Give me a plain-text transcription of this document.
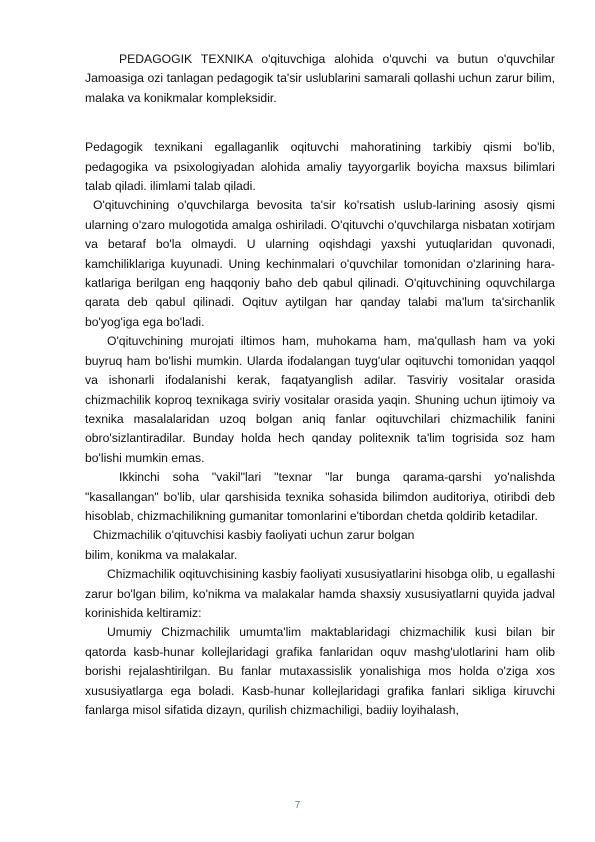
PEDAGOGIK TEXNIKA o'qituvchiga alohida o'quvchi va butun o'quvchilar Jamoasiga ozi tanlagan pedagogik ta'sir uslublarini samarali qollashi uchun zarur bilim, malaka va konikmalar kompleksidir.

Pedagogik texnikani egallaganlik oqituvchi mahoratining tarkibiy qismi bo'lib, pedagogika va psixologiyadan alohida amaliy tayyorgarlik boyicha maxsus bilimlari talab qiladi. ilimlami talab qiladi.

O'qituvchining o'quvchilarga bevosita ta'sir ko'rsatish uslub-larining asosiy qismi ularning o'zaro mulogotida amalga oshiriladi. O'qituvchi o'quvchilarga nisbatan xotirjam va betaraf bo'la olmaydi. U ularning oqishdagi yaxshi yutuqlaridan quvonadi, kamchiliklariga kuyunadi. Uning kechinmalari o'quvchilar tomonidan o'zlarining hara-katlariga berilgan eng haqqoniy baho deb qabul qilinadi. O'qituvchining oquvchilarga qarata deb qabul qilinadi. Oqituv aytilgan har qanday talabi ma'lum ta'sirchanlik bo'yog'iga ega bo'ladi.

O'qituvchining murojati iltimos ham, muhokama ham, ma'qullash ham va yoki buyruq ham bo'lishi mumkin. Ularda ifodalangan tuyg'ular oqituvchi tomonidan yaqqol va ishonarli ifodalanishi kerak, faqatyanglish adilar. Tasviriy vositalar orasida chizmachilik koproq texnikaga sviriy vositalar orasida yaqin. Shuning uchun ijtimoiy va texnika masalalaridan uzoq bolgan aniq fanlar oqituvchilari chizmachilik fanini obro'sizlantiradilar. Bunday holda hech qanday politexnik ta'lim togrisida soz ham bo'lishi mumkin emas.

Ikkinchi soha "vakil"lari "texnar "lar bunga qarama-qarshi yo'nalishda "kasallangan" bo'lib, ular qarshisida texnika sohasida bilimdon auditoriya, otiribdi deb hisoblab, chizmachilikning gumanitar tomonlarini e'tibordan chetda qoldirib ketadilar.

Chizmachilik o'qituvchisi kasbiy faoliyati uchun zarur bolgan

bilim, konikma va malakalar.

Chizmachilik oqituvchisining kasbiy faoliyati xususiyatlarini hisobga olib, u egallashi zarur bo'lgan bilim, ko'nikma va malakalar hamda shaxsiy xususiyatlarni quyida jadval korinishida keltiramiz:

Umumiy Chizmachilik umumta'lim maktablaridagi chizmachilik kusi bilan bir qatorda kasb-hunar kollejlaridagi grafika fanlaridan oquv mashg'ulotlarini ham olib borishi rejalashtirilgan. Bu fanlar mutaxassislik yonalishiga mos holda o'ziga xos xususiyatlarga ega boladi. Kasb-hunar kollejlaridagi grafika fanlari sikliga kiruvchi fanlarga misol sifatida dizayn, qurilish chizmachiligi, badiiy loyihalash,

7
